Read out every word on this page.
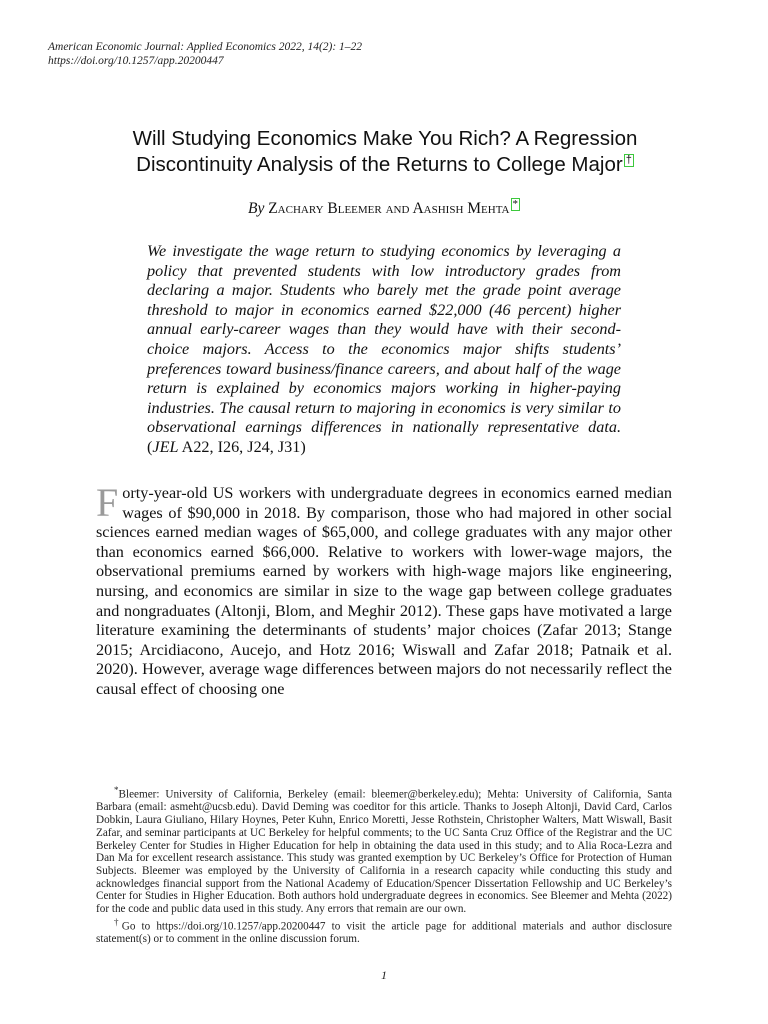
American Economic Journal: Applied Economics 2022, 14(2): 1–22
https://doi.org/10.1257/app.20200447
Will Studying Economics Make You Rich? A Regression
Discontinuity Analysis of the Returns to College Major †
By Zachary Bleemer and Aashish Mehta *
We investigate the wage return to studying economics by leveraging a policy that prevented students with low introductory grades from declaring a major. Students who barely met the grade point average threshold to major in economics earned $22,000 (46 percent) higher annual early-career wages than they would have with their second-choice majors. Access to the economics major shifts students’ preferences toward business/finance careers, and about half of the wage return is explained by economics majors working in higher-paying industries. The causal return to majoring in economics is very similar to observational earnings differences in nationally representative data. (JEL A22, I26, J24, J31)
Forty-year-old US workers with undergraduate degrees in economics earned median wages of $90,000 in 2018. By comparison, those who had majored in other social sciences earned median wages of $65,000, and college graduates with any major other than economics earned $66,000. Relative to workers with lower-wage majors, the observational premiums earned by workers with high-wage majors like engineering, nursing, and economics are similar in size to the wage gap between college graduates and nongraduates (Altonji, Blom, and Meghir 2012). These gaps have motivated a large literature examining the determinants of students’ major choices (Zafar 2013; Stange 2015; Arcidiacono, Aucejo, and Hotz 2016; Wiswall and Zafar 2018; Patnaik et al. 2020). However, average wage differences between majors do not necessarily reflect the causal effect of choosing one

*Bleemer: University of California, Berkeley (email: bleemer@berkeley.edu); Mehta: University of California, Santa Barbara (email: asmeht@ucsb.edu). David Deming was coeditor for this article. Thanks to Joseph Altonji, David Card, Carlos Dobkin, Laura Giuliano, Hilary Hoynes, Peter Kuhn, Enrico Moretti, Jesse Rothstein, Christopher Walters, Matt Wiswall, Basit Zafar, and seminar participants at UC Berkeley for helpful comments; to the UC Santa Cruz Office of the Registrar and the UC Berkeley Center for Studies in Higher Education for help in obtaining the data used in this study; and to Alia Roca-Lezra and Dan Ma for excellent research assistance. This study was granted exemption by UC Berkeley’s Office for Protection of Human Subjects. Bleemer was employed by the University of California in a research capacity while conducting this study and acknowledges financial support from the National Academy of Education/Spencer Dissertation Fellowship and UC Berkeley’s Center for Studies in Higher Education. Both authors hold undergraduate degrees in economics. See Bleemer and Mehta (2022) for the code and public data used in this study. Any errors that remain are our own.

†Go to https://doi.org/10.1257/app.20200447 to visit the article page for additional materials and author disclosure statement(s) or to comment in the online discussion forum.

1
